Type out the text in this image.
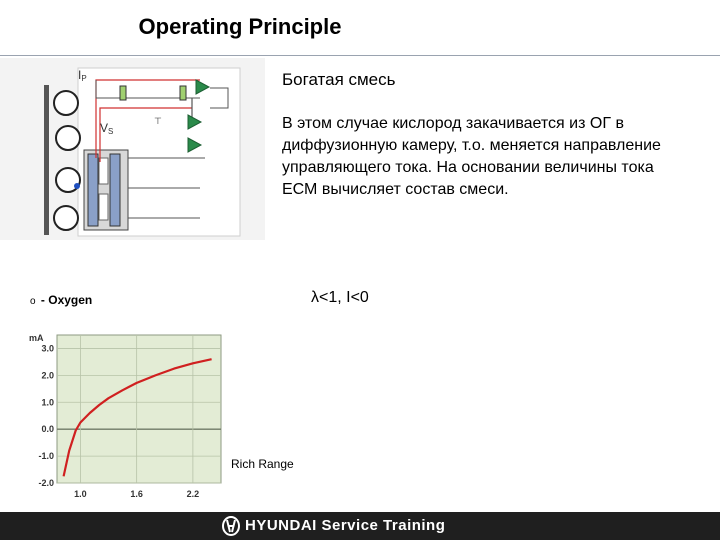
Operating Principle
⊤
IP
VS
Богатая смесь
В этом случае кислород закачивается из ОГ в диффузионную камеру, т.о. меняется направление управляющего тока. На основании величины тока ЕСМ вычисляет состав смеси.
λ<1, I<0
o - Oxygen
3.0
2.0
1.0
0.0
-1.0
-2.0
1.0	1.6	2.2
mA
Rich Range
HYUNDAI Service Training
